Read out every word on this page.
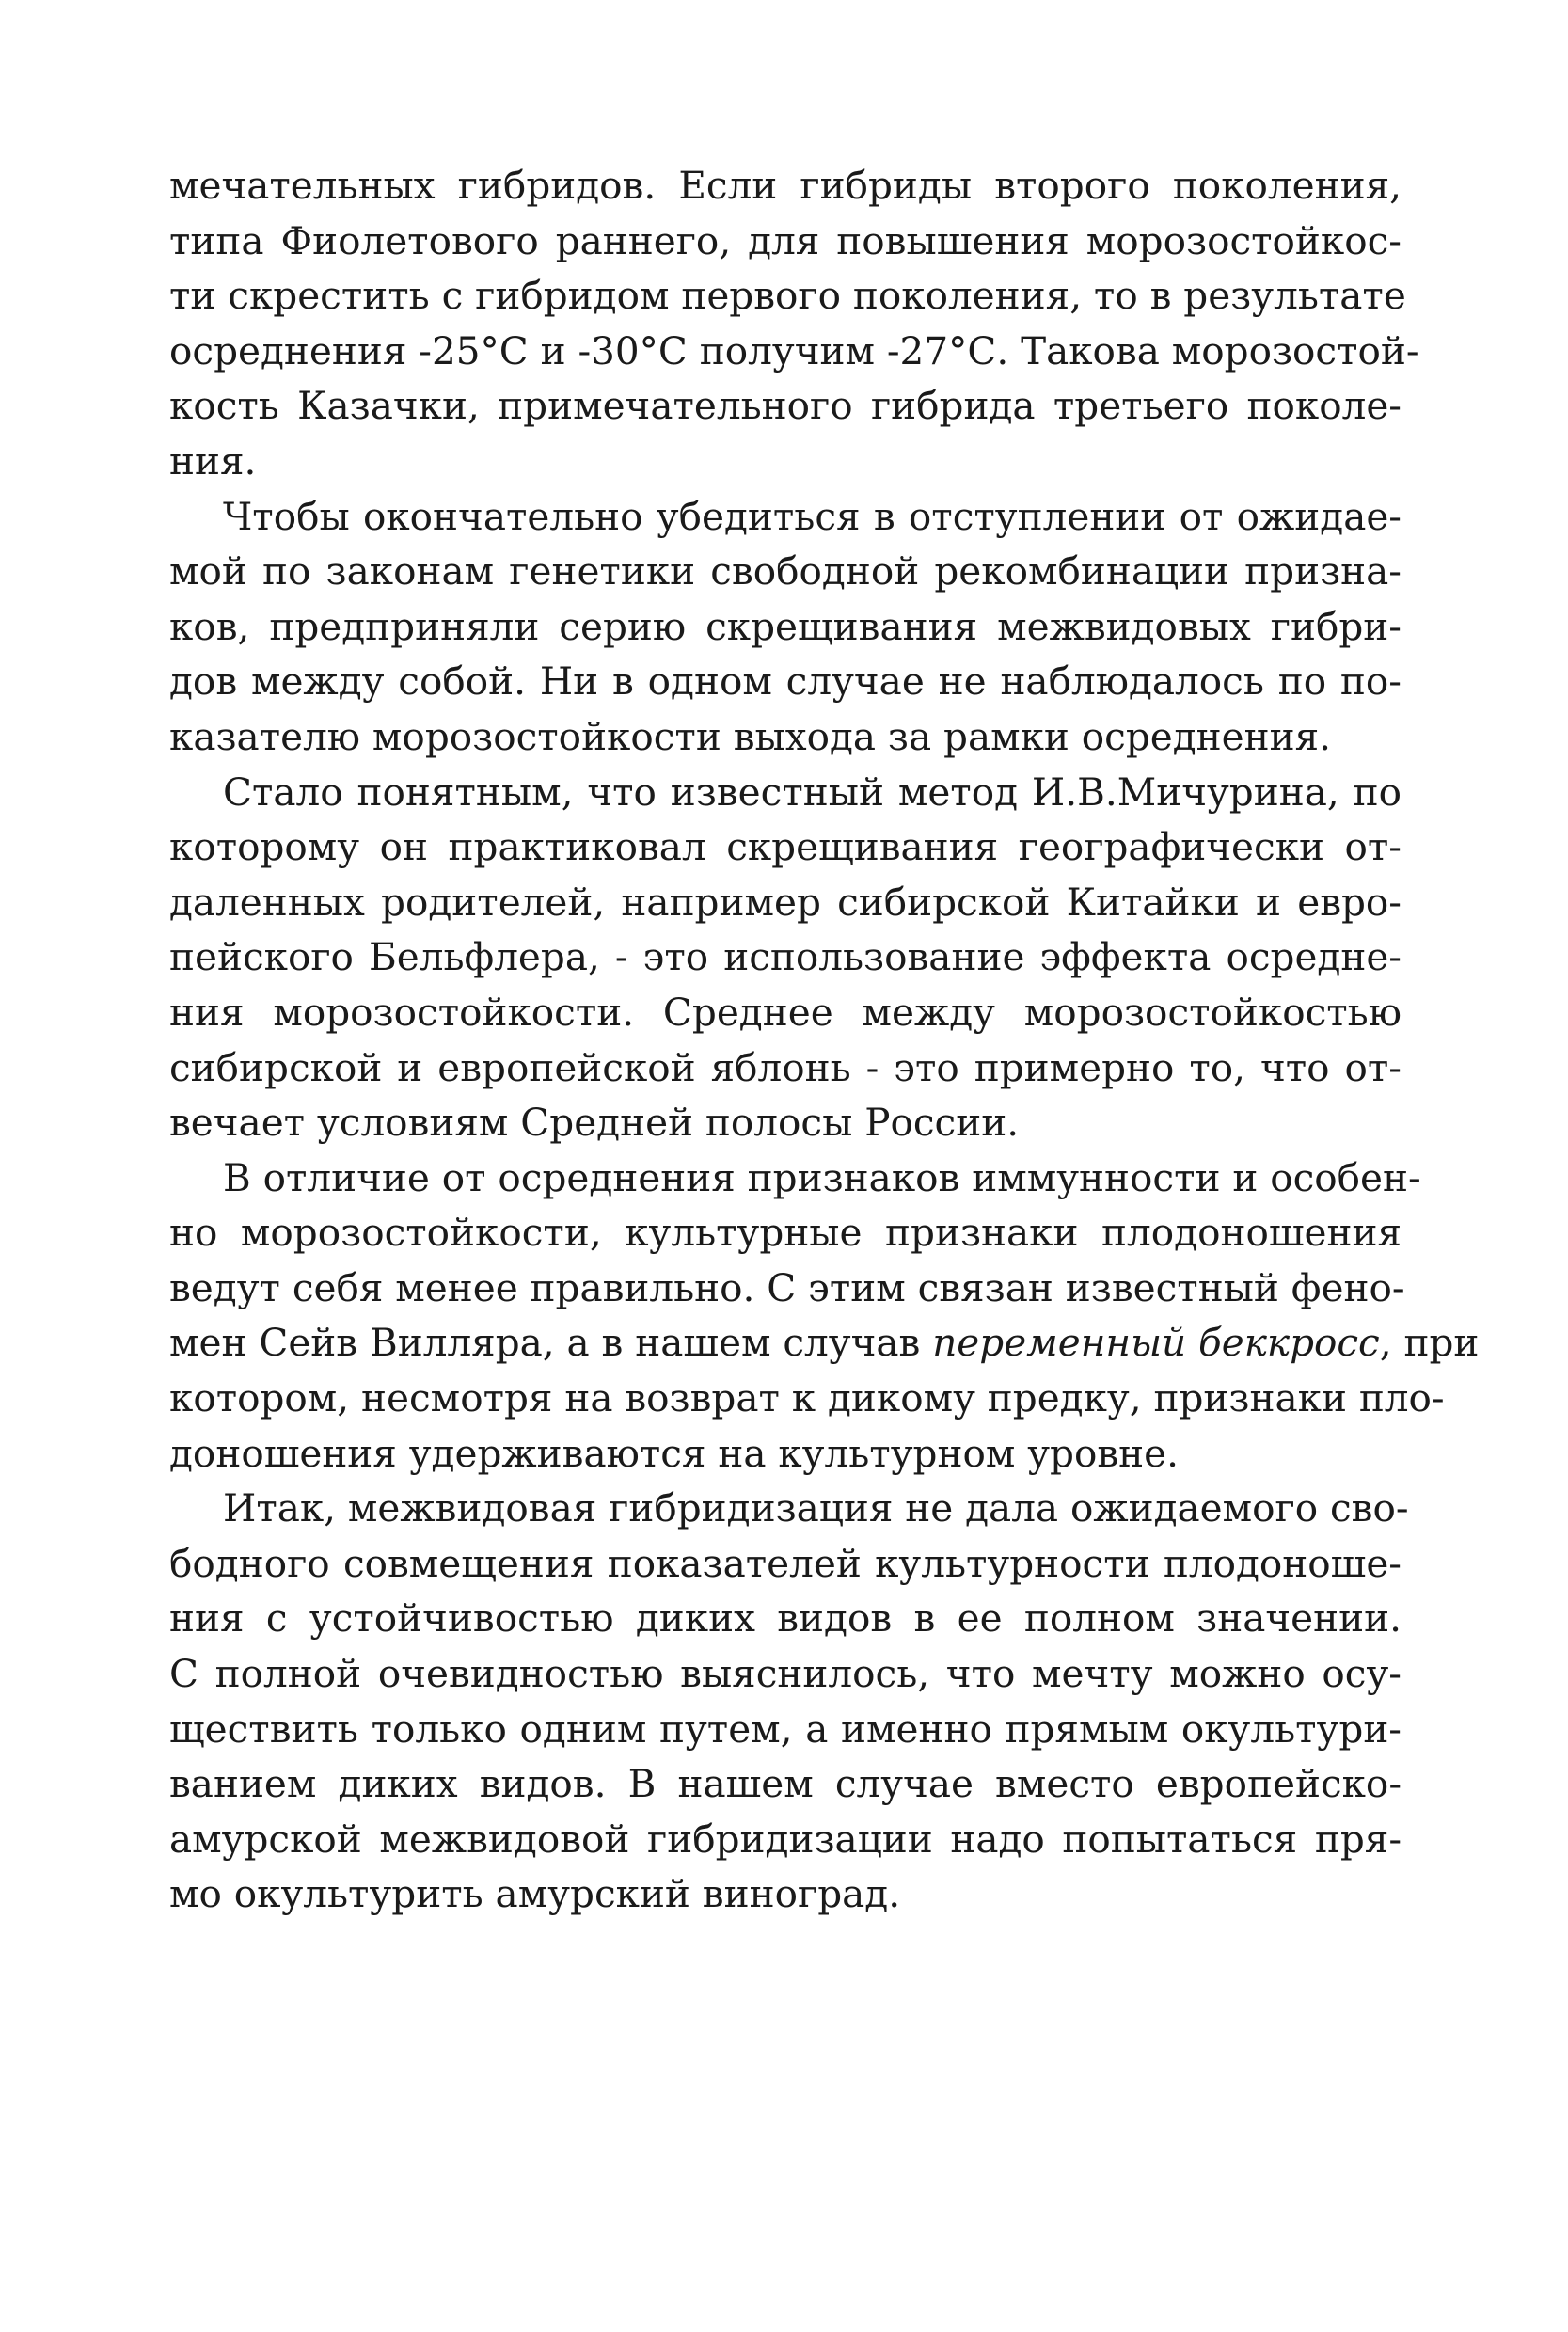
мечательных гибридов. Если гибриды второго поколения,
типа Фиолетового раннего, для повышения морозостойкос-
ти скрестить с гибридом первого поколения, то в результате
осреднения -25°С и -30°С получим -27°С. Такова морозостой-
кость Казачки, примечательного гибрида третьего поколе-
ния.
Чтобы окончательно убедиться в отступлении от ожидае-
мой по законам генетики свободной рекомбинации призна-
ков, предприняли серию скрещивания межвидовых гибри-
дов между собой. Ни в одном случае не наблюдалось по по-
казателю морозостойкости выхода за рамки осреднения.
Стало понятным, что известный метод И.В.Мичурина, по
которому он практиковал скрещивания географически от-
даленных родителей, например сибирской Китайки и евро-
пейского Бельфлера, - это использование эффекта осредне-
ния морозостойкости. Среднее между морозостойкостью
сибирской и европейской яблонь - это примерно то, что от-
вечает условиям Средней полосы России.
В отличие от осреднения признаков иммунности и особен-
но морозостойкости, культурные признаки плодоношения
ведут себя менее правильно. С этим связан известный фено-
мен Сейв Вилляра, а в нашем случав переменный беккросс, при
котором, несмотря на возврат к дикому предку, признаки пло-
доношения удерживаются на культурном уровне.
Итак, межвидовая гибридизация не дала ожидаемого сво-
бодного совмещения показателей культурности плодоноше-
ния с устойчивостью диких видов в ее полном значении.
С полной очевидностью выяснилось, что мечту можно осу-
ществить только одним путем, а именно прямым окультури-
ванием диких видов. В нашем случае вместо европейско-
амурской межвидовой гибридизации надо попытаться пря-
мо окультурить амурский виноград.
